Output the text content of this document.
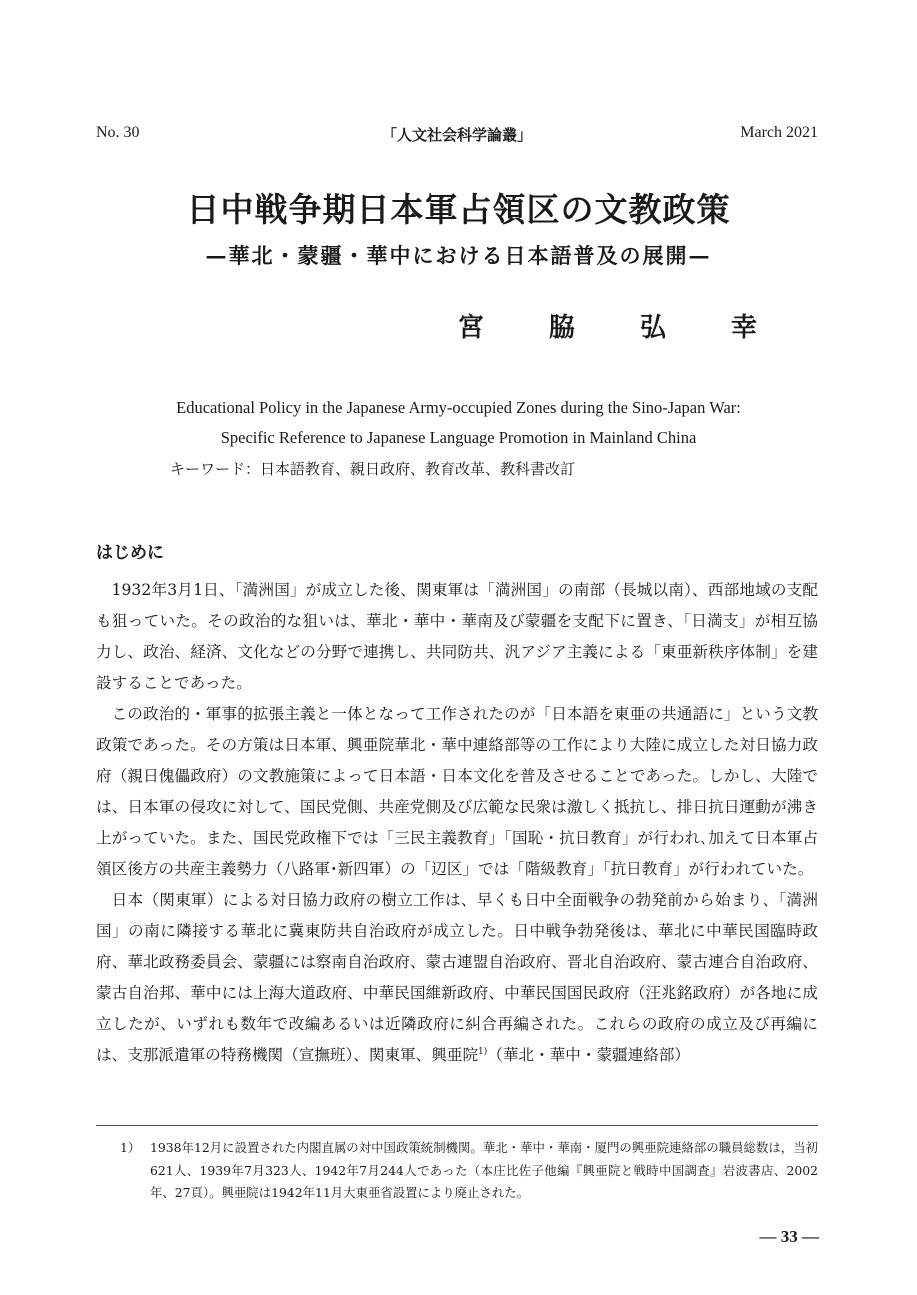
No. 30	「人文社会科学論叢」	March 2021
日中戦争期日本軍占領区の文教政策
—華北・蒙疆・華中における日本語普及の展開—
宮 脇 弘 幸
Educational Policy in the Japanese Army-occupied Zones during the Sino-Japan War:
Specific Reference to Japanese Language Promotion in Mainland China
キーワード：日本語教育、親日政府、教育改革、教科書改訂
はじめに

1932年3月1日、「満洲国」が成立した後、関東軍は「満洲国」の南部（長城以南）、西部地域の支配も狙っていた。その政治的な狙いは、華北・華中・華南及び蒙疆を支配下に置き、「日満支」が相互協力し、政治、経済、文化などの分野で連携し、共同防共、汎アジア主義による「東亜新秩序体制」を建設することであった。

この政治的・軍事的拡張主義と一体となって工作されたのが「日本語を東亜の共通語に」という文教政策であった。その方策は日本軍、興亜院華北・華中連絡部等の工作により大陸に成立した対日協力政府（親日傀儡政府）の文教施策によって日本語・日本文化を普及させることであった。しかし、大陸では、日本軍の侵攻に対して、国民党側、共産党側及び広範な民衆は激しく抵抗し、排日抗日運動が沸き上がっていた。また、国民党政権下では「三民主義教育」「国恥・抗日教育」が行われ､加えて日本軍占領区後方の共産主義勢力（八路軍･新四軍）の「辺区」では「階級教育」「抗日教育」が行われていた。

日本（関東軍）による対日協力政府の樹立工作は、早くも日中全面戦争の勃発前から始まり、「満洲国」の南に隣接する華北に冀東防共自治政府が成立した。日中戦争勃発後は、華北に中華民国臨時政府、華北政務委員会、蒙疆には察南自治政府、蒙古連盟自治政府、晋北自治政府、蒙古連合自治政府、蒙古自治邦、華中には上海大道政府、中華民国維新政府、中華民国国民政府（汪兆銘政府）が各地に成立したが、いずれも数年で改編あるいは近隣政府に糾合再編された。これらの政府の成立及び再編には、支那派遣軍の特務機関（宣撫班）、関東軍、興亜院$^{1)}$（華北・華中・蒙疆連絡部）

1） 1938年12月に設置された内閣直属の対中国政策統制機関。華北・華中・華南・厦門の興亜院連絡部の職員総数は，当初621人、1939年7月323人、1942年7月244人であった（本庄比佐子他編『興亜院と戦時中国調査』岩波書店、2002年、27頁）。興亜院は1942年11月大東亜省設置により廃止された。
— 33 —
